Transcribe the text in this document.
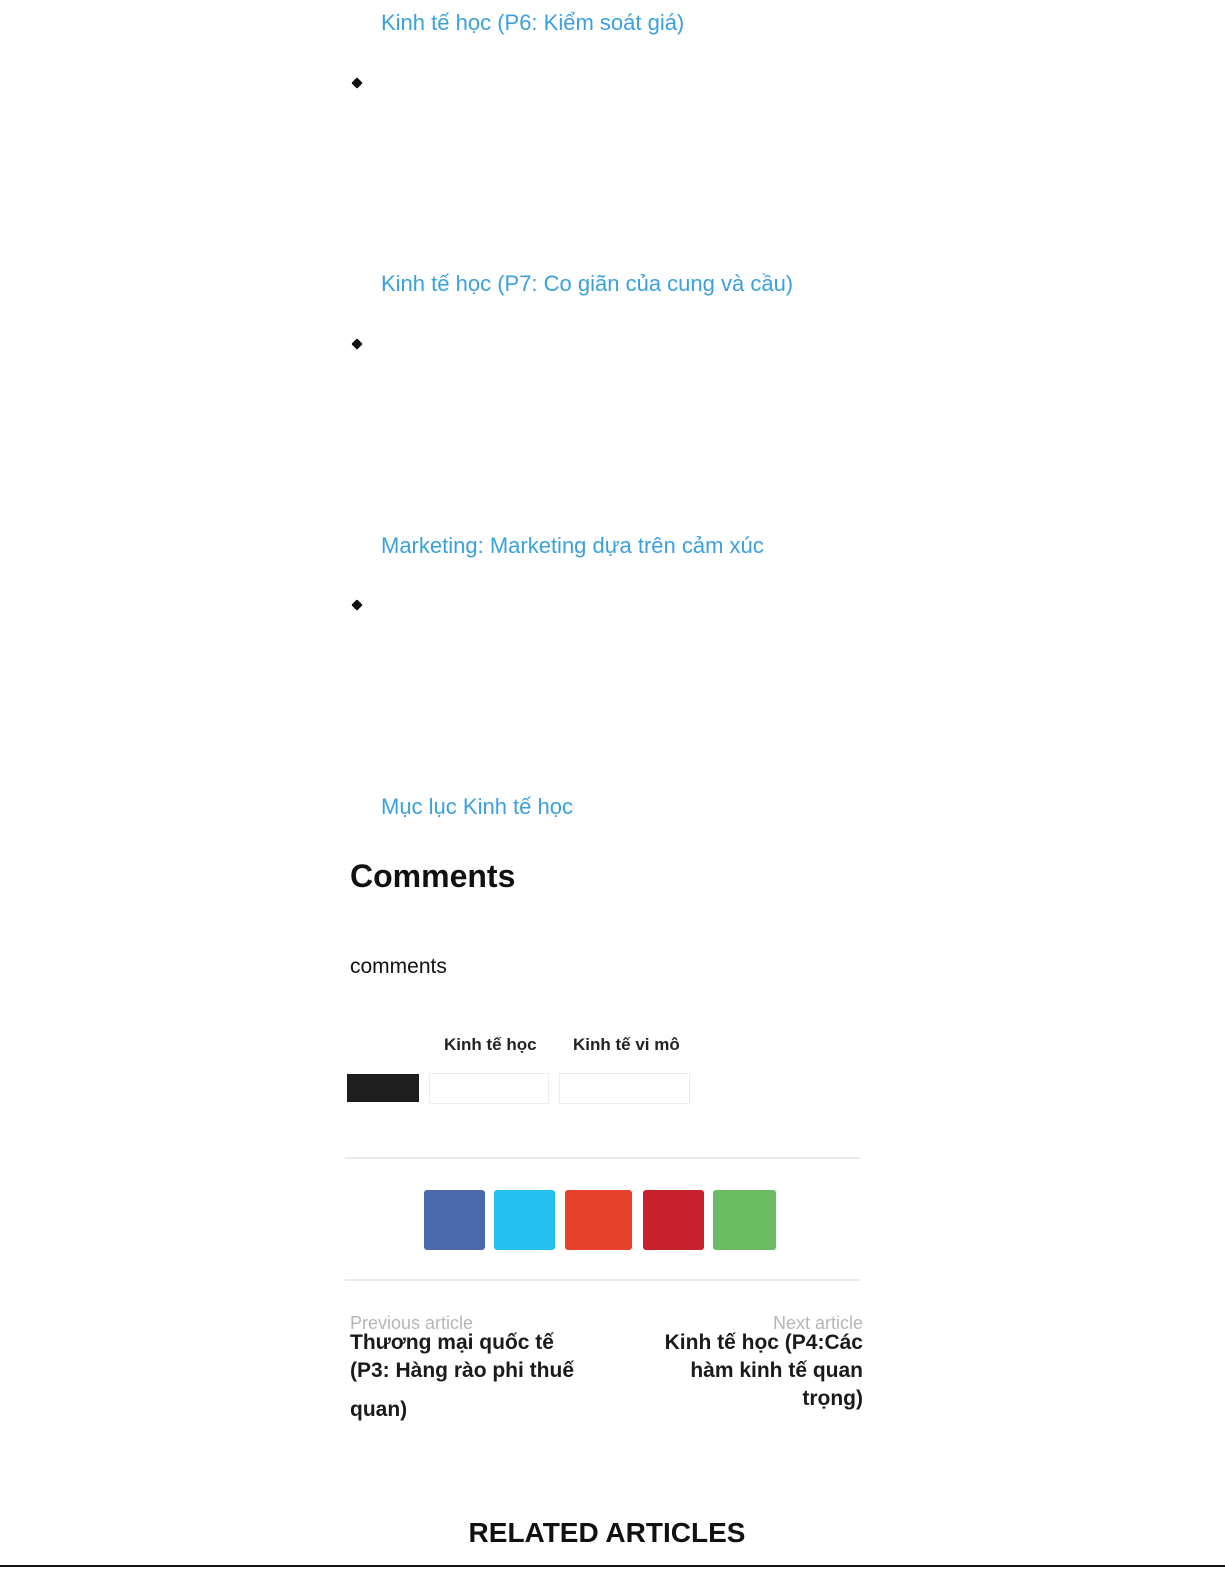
Kinh tế học (P6: Kiểm soát giá)
Kinh tế học (P7: Co giãn của cung và cầu)
Marketing: Marketing dựa trên cảm xúc
Mục lục Kinh tế học
Comments
comments
Kinh tế học Kinh tế vi mô
Previous article
Thương mại quốc tế
(P3: Hàng rào phi thuế
quan)
Next article
Kinh tế học (P4:Các
hàm kinh tế quan
trọng)
RELATED ARTICLES
